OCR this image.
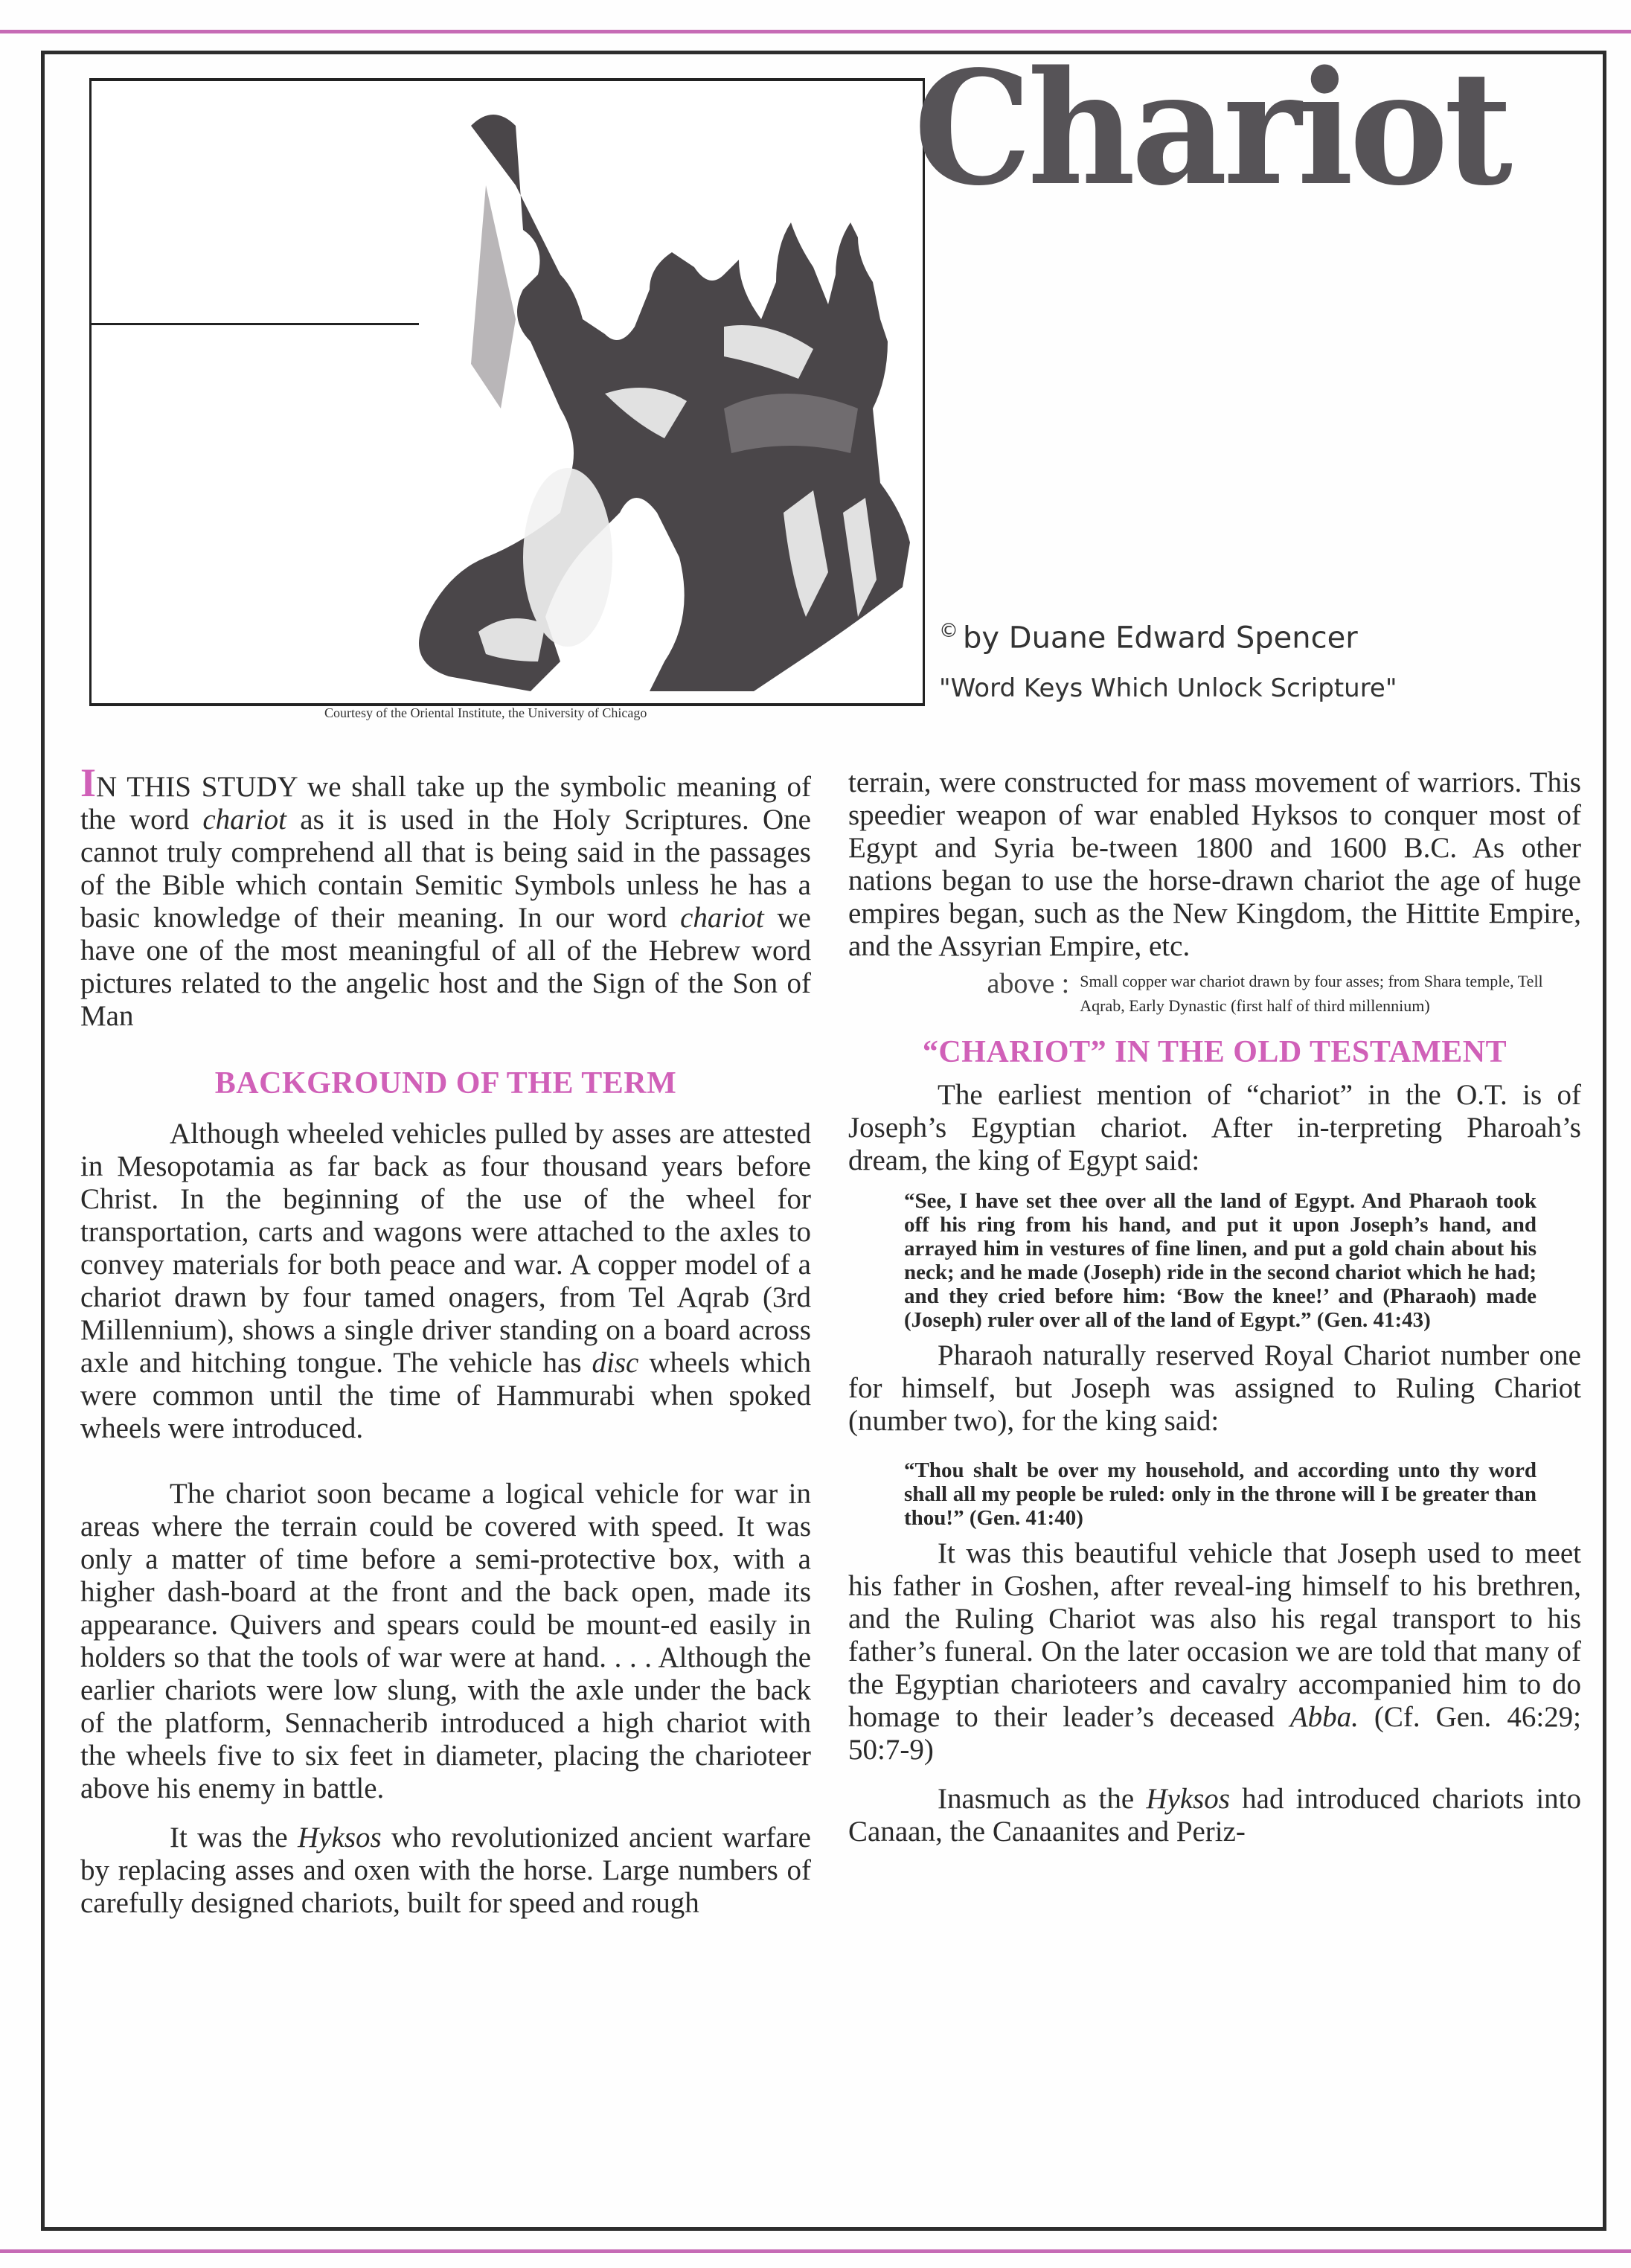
Courtesy of the Oriental Institute, the University of Chicago
Chariot
© by Duane Edward Spencer
"Word Keys Which Unlock Scripture"

IN THIS STUDY we shall take up the symbolic meaning of the word chariot as it is used in the Holy Scriptures. One cannot truly comprehend all that is being said in the passages of the Bible which contain Semitic Symbols unless he has a basic knowledge of their meaning. In our word chariot we have one of the most meaningful of all of the Hebrew word pictures related to the angelic host and the Sign of the Son of Man

BACKGROUND OF THE TERM

Although wheeled vehicles pulled by asses are attested in Mesopotamia as far back as four thousand years before Christ. In the beginning of the use of the wheel for transportation, carts and wagons were attached to the axles to convey materials for both peace and war. A copper model of a chariot drawn by four tamed onagers, from Tel Aqrab (3rd Millennium), shows a single driver standing on a board across axle and hitching tongue. The vehicle has disc wheels which were common until the time of Hammurabi when spoked wheels were introduced.

The chariot soon became a logical vehicle for war in areas where the terrain could be covered with speed. It was only a matter of time before a semi-protective box, with a higher dash-board at the front and the back open, made its appearance. Quivers and spears could be mount-ed easily in holders so that the tools of war were at hand. . . . Although the earlier chariots were low slung, with the axle under the back of the platform, Sennacherib introduced a high chariot with the wheels five to six feet in diameter, placing the charioteer above his enemy in battle.

It was the Hyksos who revolutionized ancient warfare by replacing asses and oxen with the horse. Large numbers of carefully designed chariots, built for speed and rough

terrain, were constructed for mass movement of warriors. This speedier weapon of war enabled Hyksos to conquer most of Egypt and Syria be-tween 1800 and 1600 B.C. As other nations began to use the horse-drawn chariot the age of huge empires began, such as the New Kingdom, the Hittite Empire, and the Assyrian Empire, etc.

above : Small copper war chariot drawn by four asses; from Shara temple, Tell Aqrab, Early Dynastic (first half of third millennium)
“CHARIOT” IN THE OLD TESTAMENT

The earliest mention of “chariot” in the O.T. is of Joseph’s Egyptian chariot. After in-terpreting Pharoah’s dream, the king of Egypt said:

“See, I have set thee over all the land of Egypt. And Pharaoh took off his ring from his hand, and put it upon Joseph’s hand, and arrayed him in vestures of fine linen, and put a gold chain about his neck; and he made (Joseph) ride in the second chariot which he had; and they cried before him: ‘Bow the knee!’ and (Pharaoh) made (Joseph) ruler over all of the land of Egypt.” (Gen. 41:43)

Pharaoh naturally reserved Royal Chariot number one for himself, but Joseph was assigned to Ruling Chariot (number two), for the king said:

“Thou shalt be over my household, and according unto thy word shall all my people be ruled: only in the throne will I be greater than thou!” (Gen. 41:40)

It was this beautiful vehicle that Joseph used to meet his father in Goshen, after reveal-ing himself to his brethren, and the Ruling Chariot was also his regal transport to his father’s funeral. On the later occasion we are told that many of the Egyptian charioteers and cavalry accompanied him to do homage to their leader’s deceased Abba. (Cf. Gen. 46:29; 50:7-9)

Inasmuch as the Hyksos had introduced chariots into Canaan, the Canaanites and Periz-
